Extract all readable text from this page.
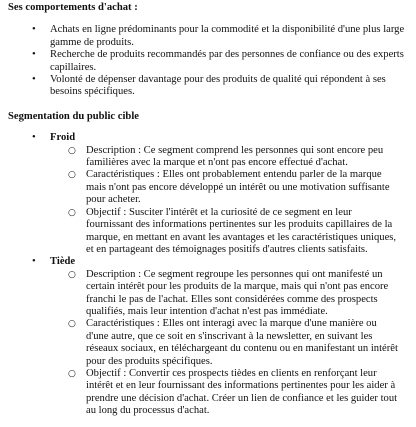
Ses comportements d'achat :

• Achats en ligne prédominants pour la commodité et la disponibilité d'une plus large gamme de produits.
• Recherche de produits recommandés par des personnes de confiance ou des experts capillaires.
• Volonté de dépenser davantage pour des produits de qualité qui répondent à ses besoins spécifiques.

Segmentation du public cible

• Froid
○ Description : Ce segment comprend les personnes qui sont encore peu familières avec la marque et n'ont pas encore effectué d'achat.
○ Caractéristiques : Elles ont probablement entendu parler de la marque mais n'ont pas encore développé un intérêt ou une motivation suffisante pour acheter.
○ Objectif : Susciter l'intérêt et la curiosité de ce segment en leur fournissant des informations pertinentes sur les produits capillaires de la marque, en mettant en avant les avantages et les caractéristiques uniques, et en partageant des témoignages positifs d'autres clients satisfaits.
• Tiède
○ Description : Ce segment regroupe les personnes qui ont manifesté un certain intérêt pour les produits de la marque, mais qui n'ont pas encore franchi le pas de l'achat. Elles sont considérées comme des prospects qualifiés, mais leur intention d'achat n'est pas immédiate.
○ Caractéristiques : Elles ont interagi avec la marque d'une manière ou d'une autre, que ce soit en s'inscrivant à la newsletter, en suivant les réseaux sociaux, en téléchargeant du contenu ou en manifestant un intérêt pour des produits spécifiques.
○ Objectif : Convertir ces prospects tièdes en clients en renforçant leur intérêt et en leur fournissant des informations pertinentes pour les aider à prendre une décision d'achat. Créer un lien de confiance et les guider tout au long du processus d'achat.
